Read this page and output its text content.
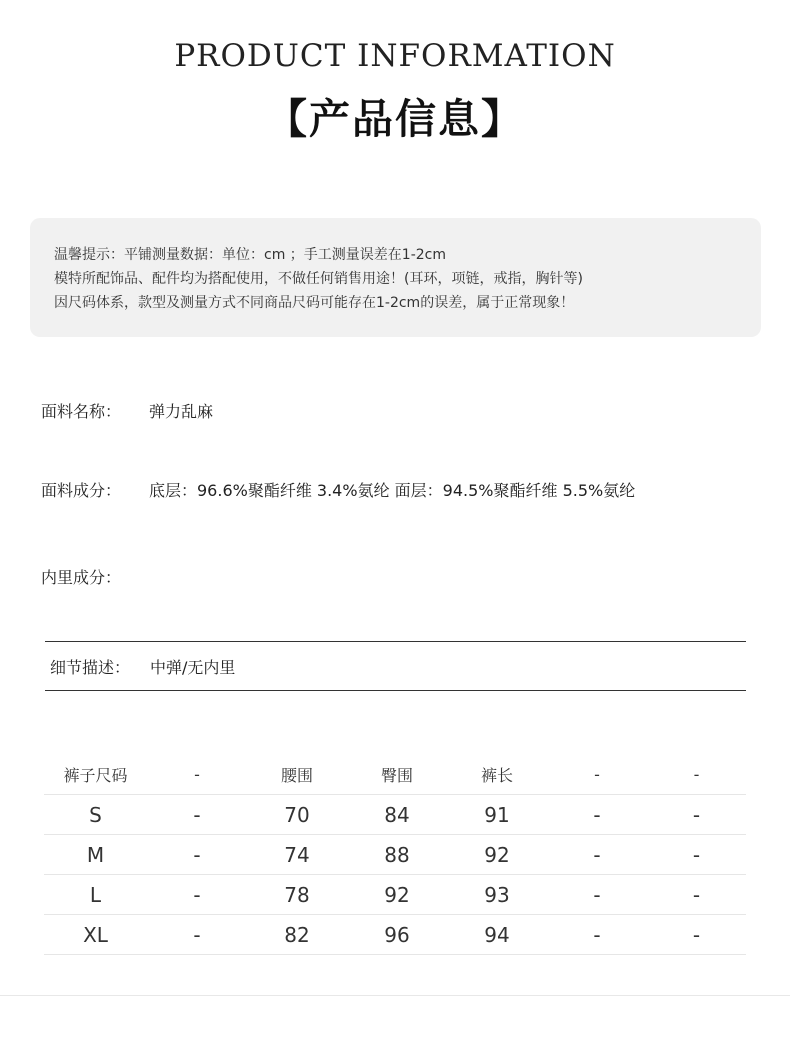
PRODUCT INFORMATION
【产品信息】
温馨提示：平铺测量数据：单位：cm ；手工测量误差在1-2cm
模特所配饰品、配件均为搭配使用，不做任何销售用途！(耳环，项链，戒指，胸针等)
因尺码体系，款型及测量方式不同商品尺码可能存在1-2cm的误差，属于正常现象！
面料名称： 弹力乱麻
面料成分： 底层：96.6%聚酯纤维 3.4%氨纶 面层：94.5%聚酯纤维 5.5%氨纶
内里成分：
细节描述： 中弹/无内里
裤子尺码	-	腰围	臀围	裤长	-	-
S	-	70	84	91	-	-
M	-	74	88	92	-	-
L	-	78	92	93	-	-
XL	-	82	96	94	-	-
